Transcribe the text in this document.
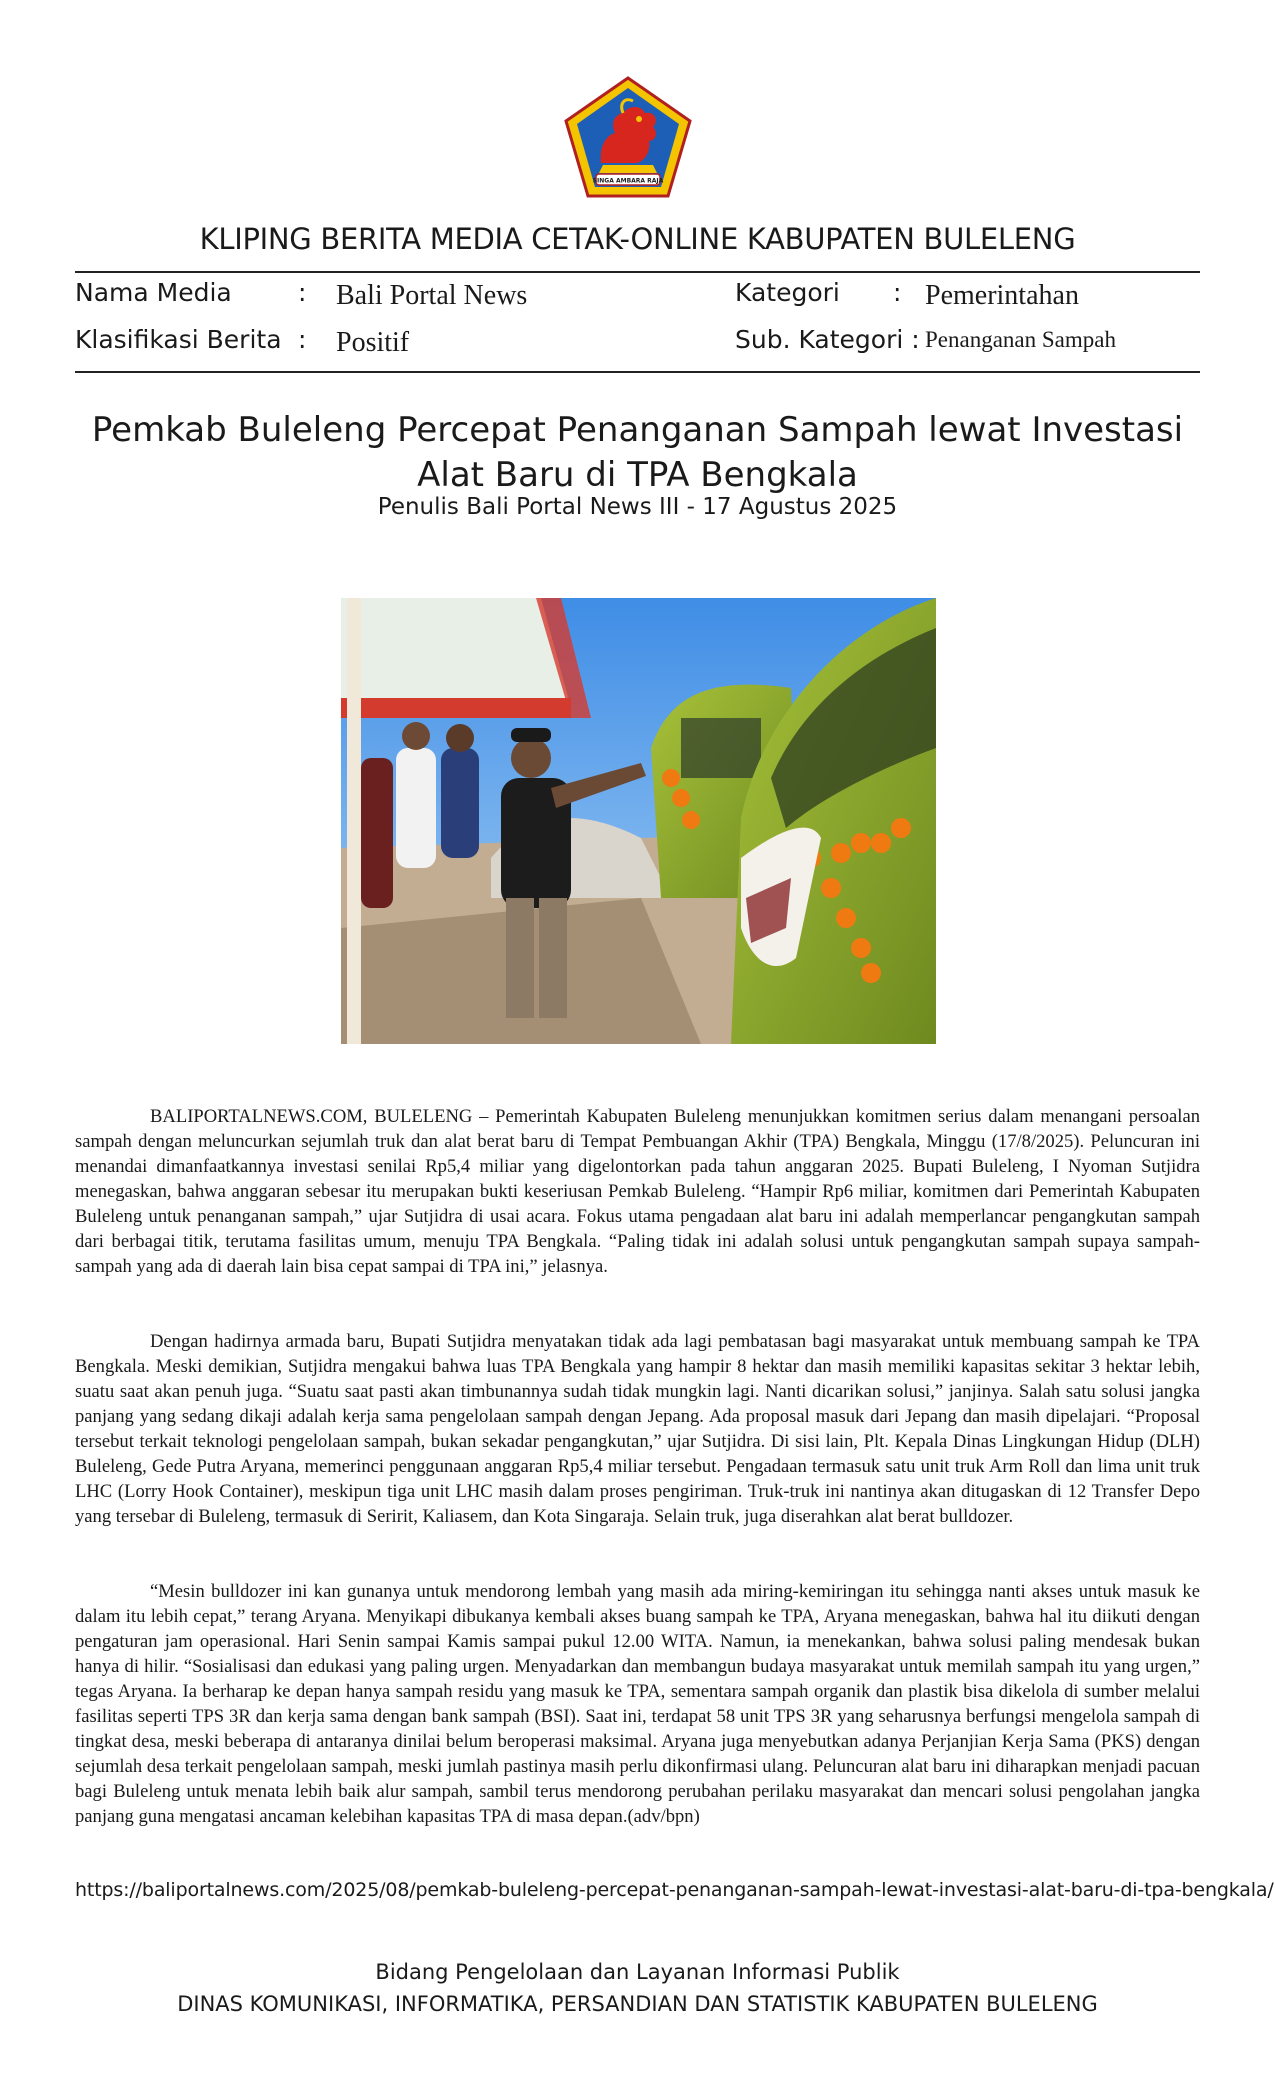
SINGA AMBARA RAJA
KLIPING BERITA MEDIA CETAK-ONLINE KABUPATEN BULELENG
Nama Media	: Bali Portal News	Kategori : Pemerintahan
Klasifikasi Berita : Positif	Sub. Kategori : Penanganan Sampah
Pemkab Buleleng Percepat Penanganan Sampah lewat Investasi Alat Baru di TPA Bengkala
Penulis Bali Portal News III - 17 Agustus 2025

BALIPORTALNEWS.COM, BULELENG – Pemerintah Kabupaten Buleleng menunjukkan komitmen serius dalam menangani persoalan sampah dengan meluncurkan sejumlah truk dan alat berat baru di Tempat Pembuangan Akhir (TPA) Bengkala, Minggu (17/8/2025). Peluncuran ini menandai dimanfaatkannya investasi senilai Rp5,4 miliar yang digelontorkan pada tahun anggaran 2025. Bupati Buleleng, I Nyoman Sutjidra menegaskan, bahwa anggaran sebesar itu merupakan bukti keseriusan Pemkab Buleleng. “Hampir Rp6 miliar, komitmen dari Pemerintah Kabupaten Buleleng untuk penanganan sampah,” ujar Sutjidra di usai acara. Fokus utama pengadaan alat baru ini adalah memperlancar pengangkutan sampah dari berbagai titik, terutama fasilitas umum, menuju TPA Bengkala. “Paling tidak ini adalah solusi untuk pengangkutan sampah supaya sampah-sampah yang ada di daerah lain bisa cepat sampai di TPA ini,” jelasnya.

Dengan hadirnya armada baru, Bupati Sutjidra menyatakan tidak ada lagi pembatasan bagi masyarakat untuk membuang sampah ke TPA Bengkala. Meski demikian, Sutjidra mengakui bahwa luas TPA Bengkala yang hampir 8 hektar dan masih memiliki kapasitas sekitar 3 hektar lebih, suatu saat akan penuh juga. “Suatu saat pasti akan timbunannya sudah tidak mungkin lagi. Nanti dicarikan solusi,” janjinya. Salah satu solusi jangka panjang yang sedang dikaji adalah kerja sama pengelolaan sampah dengan Jepang. Ada proposal masuk dari Jepang dan masih dipelajari. “Proposal tersebut terkait teknologi pengelolaan sampah, bukan sekadar pengangkutan,” ujar Sutjidra. Di sisi lain, Plt. Kepala Dinas Lingkungan Hidup (DLH) Buleleng, Gede Putra Aryana, memerinci penggunaan anggaran Rp5,4 miliar tersebut. Pengadaan termasuk satu unit truk Arm Roll dan lima unit truk LHC (Lorry Hook Container), meskipun tiga unit LHC masih dalam proses pengiriman. Truk-truk ini nantinya akan ditugaskan di 12 Transfer Depo yang tersebar di Buleleng, termasuk di Seririt, Kaliasem, dan Kota Singaraja. Selain truk, juga diserahkan alat berat bulldozer.

“Mesin bulldozer ini kan gunanya untuk mendorong lembah yang masih ada miring-kemiringan itu sehingga nanti akses untuk masuk ke dalam itu lebih cepat,” terang Aryana. Menyikapi dibukanya kembali akses buang sampah ke TPA, Aryana menegaskan, bahwa hal itu diikuti dengan pengaturan jam operasional. Hari Senin sampai Kamis sampai pukul 12.00 WITA. Namun, ia menekankan, bahwa solusi paling mendesak bukan hanya di hilir. “Sosialisasi dan edukasi yang paling urgen. Menyadarkan dan membangun budaya masyarakat untuk memilah sampah itu yang urgen,” tegas Aryana. Ia berharap ke depan hanya sampah residu yang masuk ke TPA, sementara sampah organik dan plastik bisa dikelola di sumber melalui fasilitas seperti TPS 3R dan kerja sama dengan bank sampah (BSI). Saat ini, terdapat 58 unit TPS 3R yang seharusnya berfungsi mengelola sampah di tingkat desa, meski beberapa di antaranya dinilai belum beroperasi maksimal. Aryana juga menyebutkan adanya Perjanjian Kerja Sama (PKS) dengan sejumlah desa terkait pengelolaan sampah, meski jumlah pastinya masih perlu dikonfirmasi ulang. Peluncuran alat baru ini diharapkan menjadi pacuan bagi Buleleng untuk menata lebih baik alur sampah, sambil terus mendorong perubahan perilaku masyarakat dan mencari solusi pengolahan jangka panjang guna mengatasi ancaman kelebihan kapasitas TPA di masa depan.(adv/bpn)

https://baliportalnews.com/2025/08/pemkab-buleleng-percepat-penanganan-sampah-lewat-investasi-alat-baru-di-tpa-bengkala/
Bidang Pengelolaan dan Layanan Informasi Publik
DINAS KOMUNIKASI, INFORMATIKA, PERSANDIAN DAN STATISTIK KABUPATEN BULELENG
